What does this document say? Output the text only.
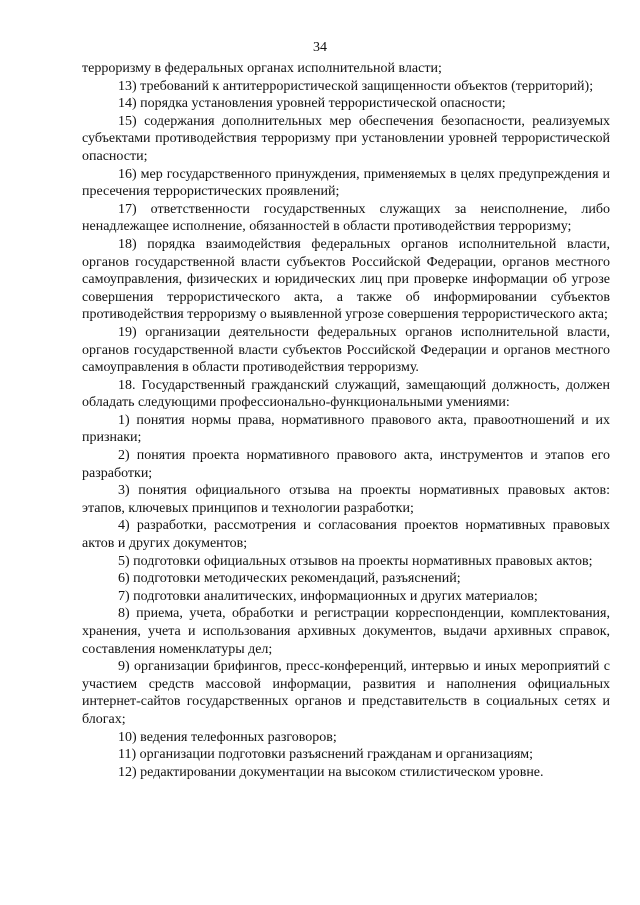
34

терроризму в федеральных органах исполнительной власти;

13) требований к антитеррористической защищенности объектов (территорий);

14) порядка установления уровней террористической опасности;

15) содержания дополнительных мер обеспечения безопасности, реализуемых субъектами противодействия терроризму при установлении уровней террористической опасности;

16) мер государственного принуждения, применяемых в целях предупреждения и пресечения террористических проявлений;

17) ответственности государственных служащих за неисполнение, либо ненадлежащее исполнение, обязанностей в области противодействия терроризму;

18) порядка взаимодействия федеральных органов исполнительной власти, органов государственной власти субъектов Российской Федерации, органов местного самоуправления, физических и юридических лиц при проверке информации об угрозе совершения террористического акта, а также об информировании субъектов противодействия терроризму о выявленной угрозе совершения террористического акта;

19) организации деятельности федеральных органов исполнительной власти, органов государственной власти субъектов Российской Федерации и органов местного самоуправления в области противодействия терроризму.

18. Государственный гражданский служащий, замещающий должность, должен обладать следующими профессионально-функциональными умениями:

1) понятия нормы права, нормативного правового акта, правоотношений и их признаки;

2) понятия проекта нормативного правового акта, инструментов и этапов его разработки;

3) понятия официального отзыва на проекты нормативных правовых актов: этапов, ключевых принципов и технологии разработки;

4) разработки, рассмотрения и согласования проектов нормативных правовых актов и других документов;

5) подготовки официальных отзывов на проекты нормативных правовых актов;

6) подготовки методических рекомендаций, разъяснений;

7) подготовки аналитических, информационных и других материалов;

8) приема, учета, обработки и регистрации корреспонденции, комплектования, хранения, учета и использования архивных документов, выдачи архивных справок, составления номенклатуры дел;

9) организации брифингов, пресс-конференций, интервью и иных мероприятий с участием средств массовой информации, развития и наполнения официальных интернет-сайтов государственных органов и представительств в социальных сетях и блогах;

10) ведения телефонных разговоров;

11) организации подготовки разъяснений гражданам и организациям;

12) редактировании документации на высоком стилистическом уровне.
